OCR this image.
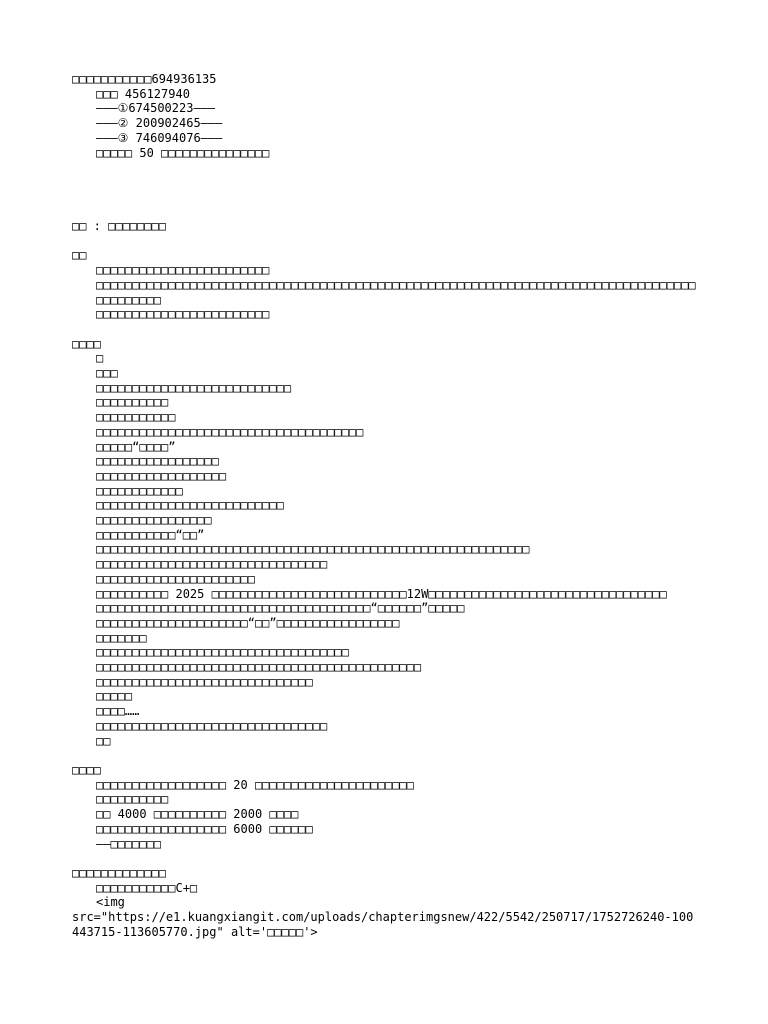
□□□□□□□□□□□694936135
□□□ 456127940
———①674500223———
———② 200902465———
———③ 746094076———
□□□□□ 50 □□□□□□□□□□□□□□□
□□ : □□□□□□□□
□□
□□□□□□□□□□□□□□□□□□□□□□□□
□□□□□□□□□□□□□□□□□□□□□□□□□□□□□□□□□□□□□□□□□□□□□□□□□□□□□□□□□□□□□□□□□□□□□□□□□□□□□□□□□□□□□□□□□□□□
□□□□□□□□□□□□□□□□□□□□□□□□
□□□□
□
□□□
□□□□□□□□□□□□□□□□□□□□□□□□□□□
□□□□□□□□□□
□□□□□□□□□□□
□□□□□□□□□□□□□□□□□□□□□□□□□□□□□□□□□□□□□
□□□□□“□□□□”
□□□□□□□□□□□□□□□□□
□□□□□□□□□□□□□□□□□□
□□□□□□□□□□□□
□□□□□□□□□□□□□□□□□□□□□□□□□□
□□□□□□□□□□□□□□□□
□□□□□□□□□□□“□□”
□□□□□□□□□□□□□□□□□□□□□□□□□□□□□□□□□□□□□□□□□□□□□□□□□□□□□□□□□□□□
□□□□□□□□□□□□□□□□□□□□□□□□□□□□□□□□
□□□□□□□□□□□□□□□□□□□□□□
□□□□□□□□□□ 2025 □□□□□□□□□□□□□□□□□□□□□□□□□□□12W□□□□□□□□□□□□□□□□□□□□□□□□□□□□□□□□□
□□□□□□□□□□□□□□□□□□□□□□□□□□□□□□□□□□□□□□“□□□□□□”□□□□□
□□□□□□□□□□□□□□□□□□□□□“□□”□□□□□□□□□□□□□□□□□
□□□□□□□
□□□□□□□□□□□□□□□□□□□□□□□□□□□□□□□□□□□
□□□□□□□□□□□□□□□□□□□□□□□□□□□□□□□□□□□□□□□□□□□□□
□□□□□□□□□□□□□□□□□□□□□□□□□□□□□□
□□□□□
□□□□……
□□□□□□□□□□□□□□□□□□□□□□□□□□□□□□□□
□□
□□□□
□□□□□□□□□□□□□□□□□□ 20 □□□□□□□□□□□□□□□□□□□□□□
□□□□□□□□□□
□□ 4000 □□□□□□□□□□ 2000 □□□□
□□□□□□□□□□□□□□□□□□ 6000 □□□□□□
——□□□□□□□
□□□□□□□□□□□□□
□□□□□□□□□□□C+□
<img
src="https://e1.kuangxiangit.com/uploads/chapterimgsnew/422/5542/250717/1752726240-100443715-113605770.jpg" alt='□□□□□'>
